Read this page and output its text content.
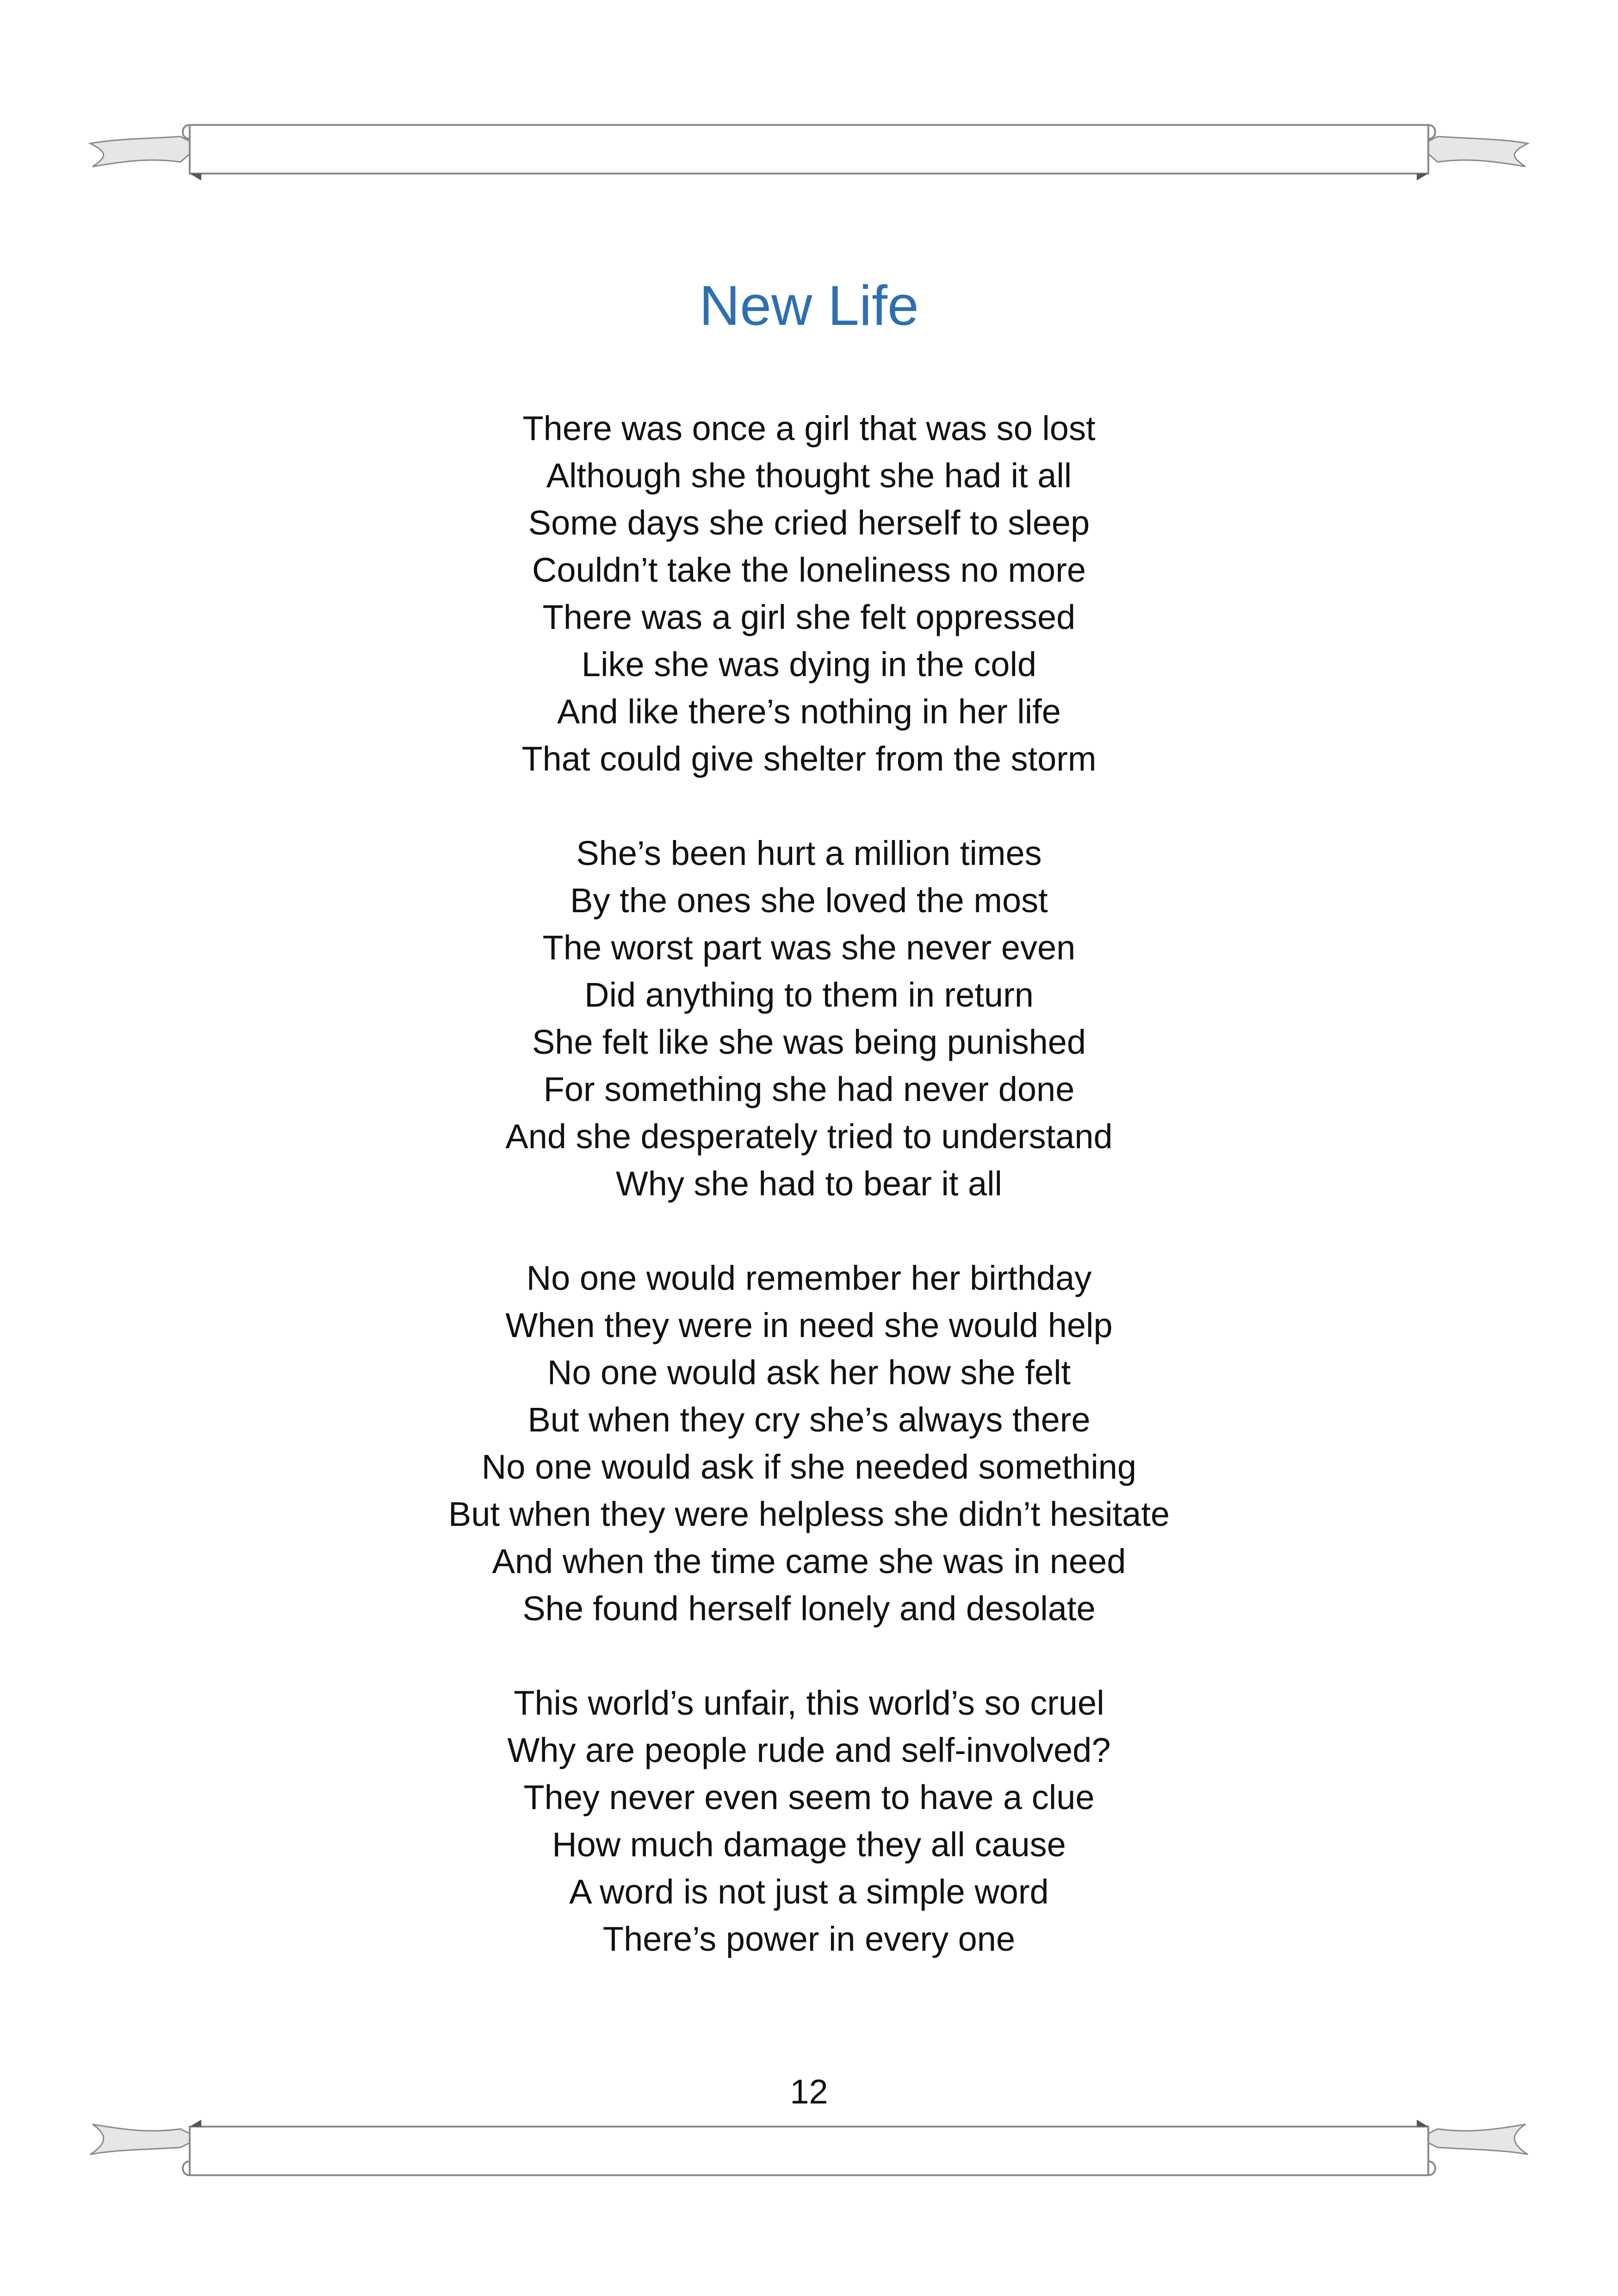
New Life
There was once a girl that was so lost
Although she thought she had it all
Some days she cried herself to sleep
Couldn’t take the loneliness no more
There was a girl she felt oppressed
Like she was dying in the cold
And like there’s nothing in her life
That could give shelter from the storm
She’s been hurt a million times
By the ones she loved the most
The worst part was she never even
Did anything to them in return
She felt like she was being punished
For something she had never done
And she desperately tried to understand
Why she had to bear it all
No one would remember her birthday
When they were in need she would help
No one would ask her how she felt
But when they cry she’s always there
No one would ask if she needed something
But when they were helpless she didn’t hesitate
And when the time came she was in need
She found herself lonely and desolate
This world’s unfair, this world’s so cruel
Why are people rude and self-involved?
They never even seem to have a clue
How much damage they all cause
A word is not just a simple word
There’s power in every one
12
